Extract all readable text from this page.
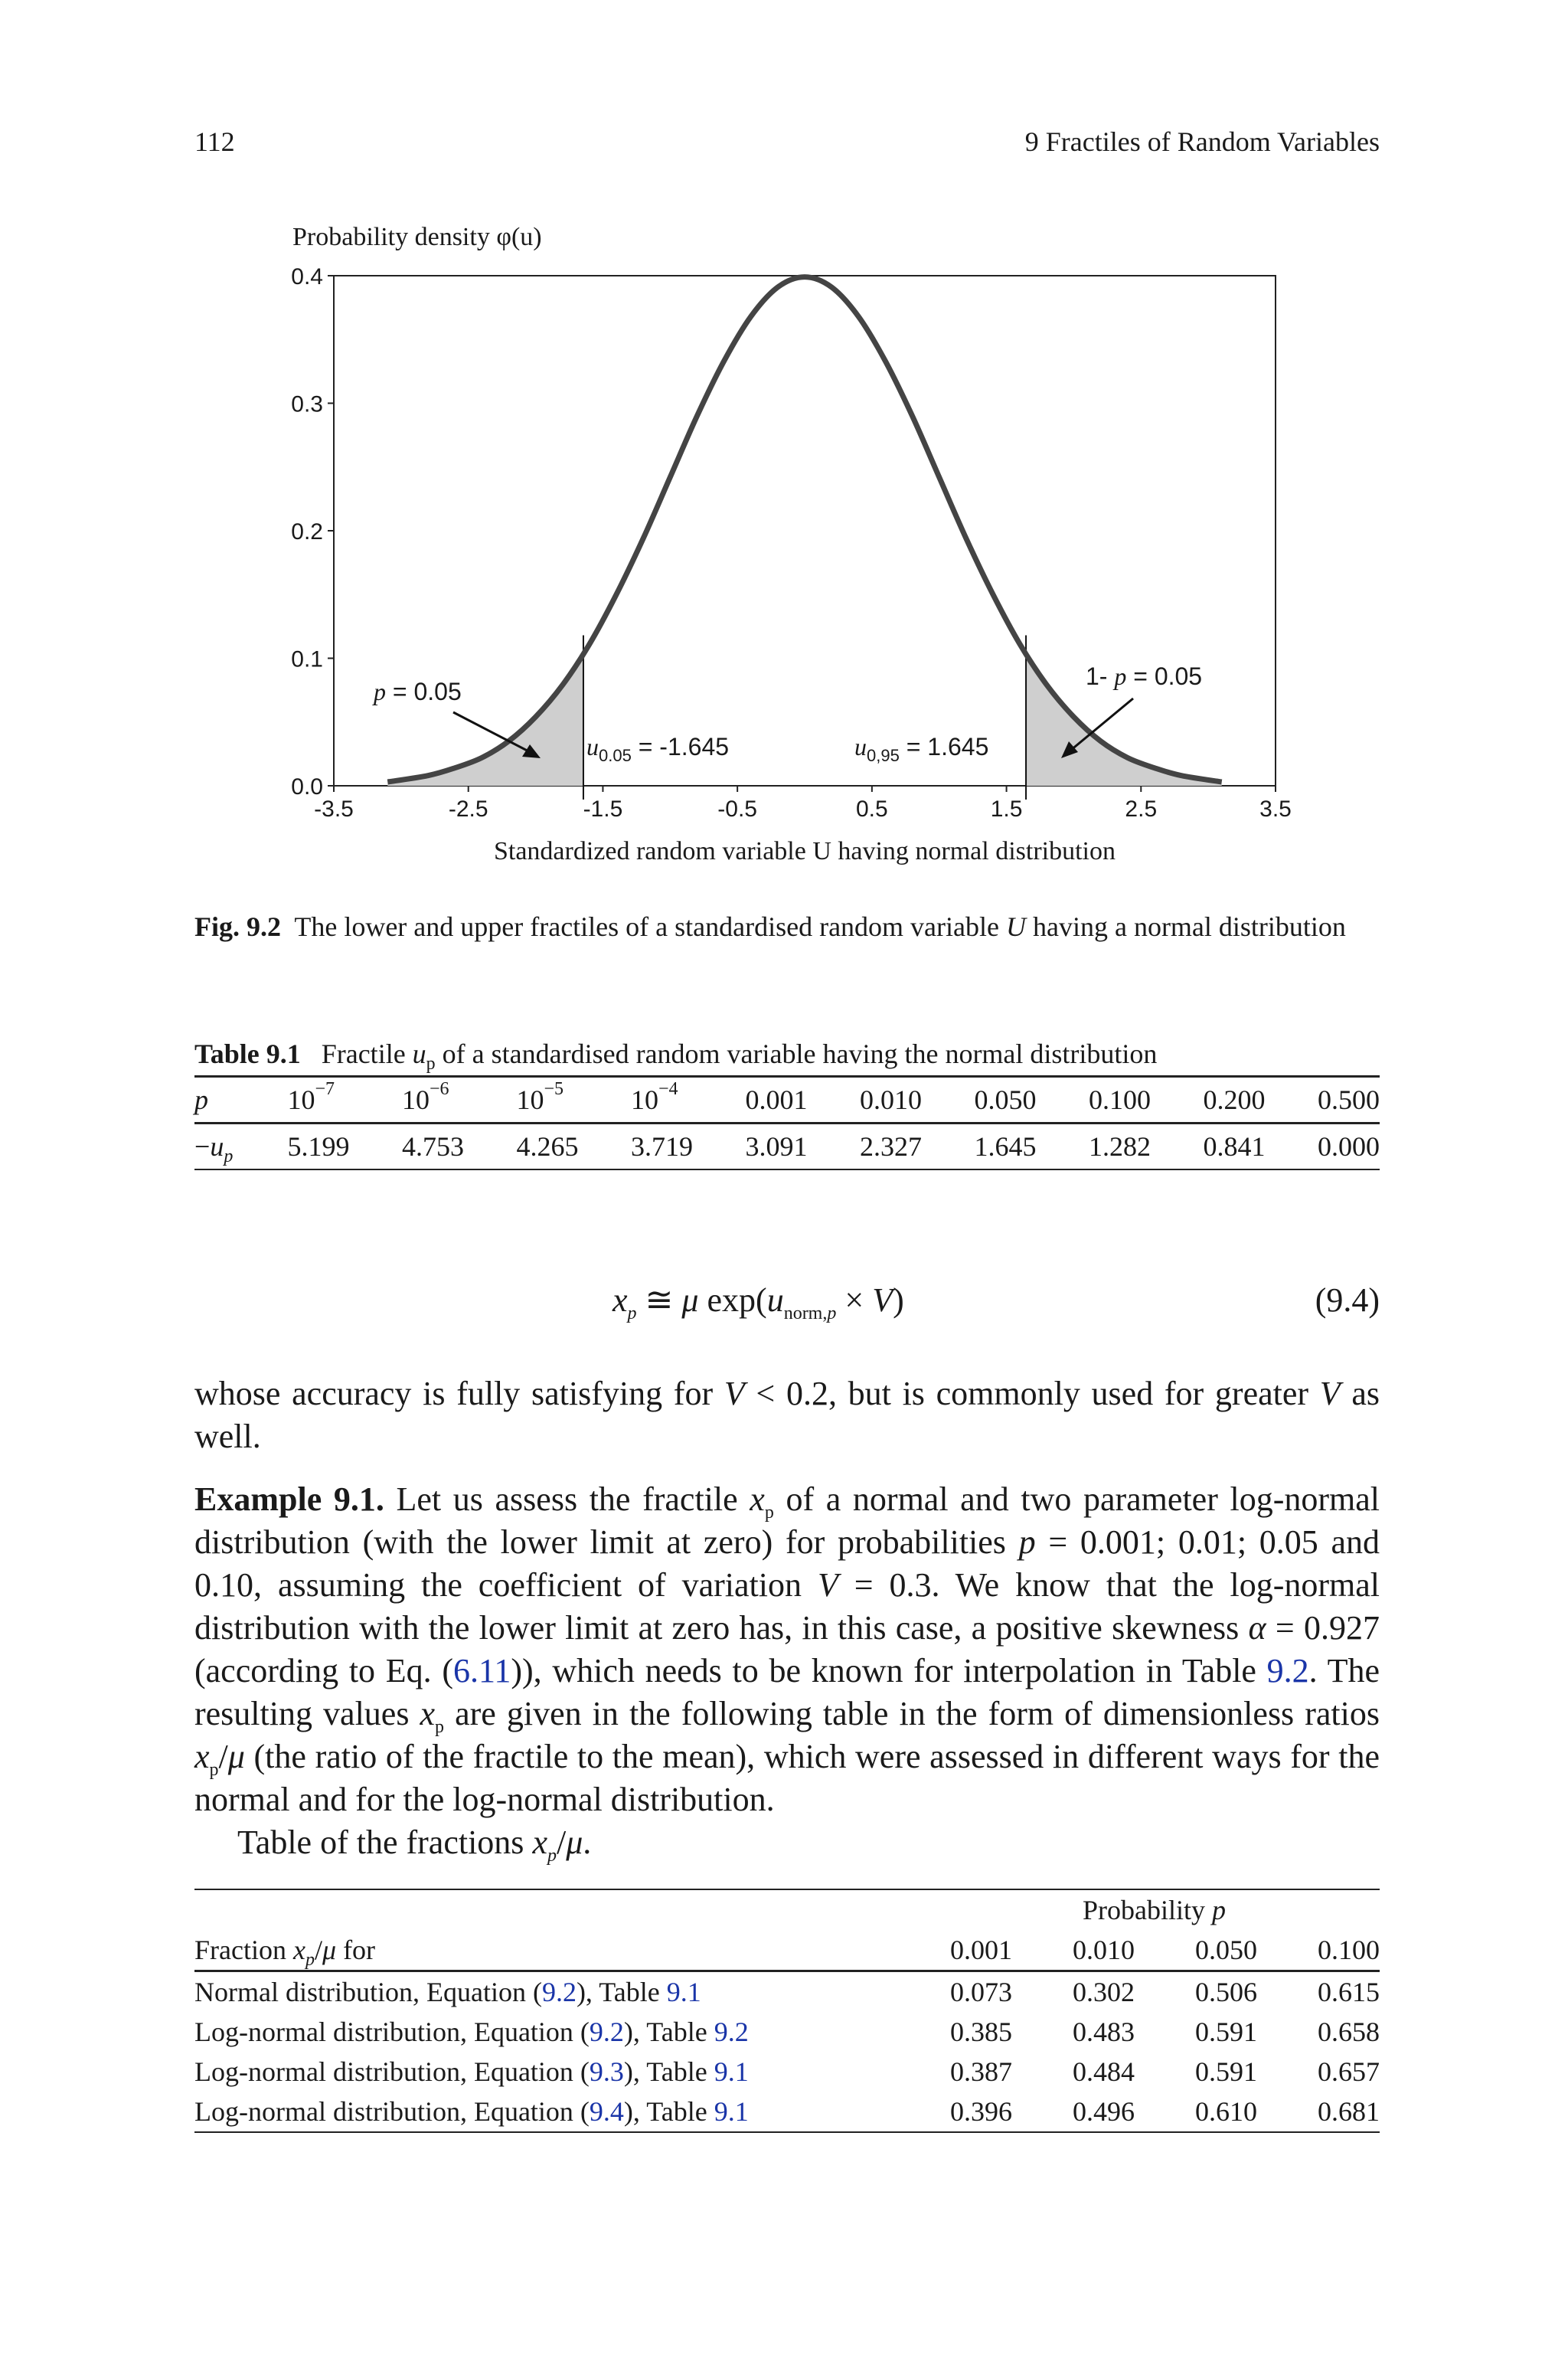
112	9 Fractiles of Random Variables
Probability density φ(u)
0.0
0.1
0.2
0.3
0.4
-3.5	-2.5	-1.5	-0.5	0.5	1.5	2.5	3.5
p = 0.05
1- p = 0.05
$u_{0.05} = -1.645$	$u_{0,95} = 1.645$
Standardized random variable U having normal distribution
Fig. 9.2 The lower and upper fractiles of a standardised random variable U having a normal distribution
Table 9.1 Fractile $u_p$ of a standardised random variable having the normal distribution
p	$10^{-7}$	$10^{-6}$	$10^{-5}$	$10^{-4}$	0.001	0.010	0.050	0.100	0.200	0.500
$-u_p$	5.199	4.753	4.265	3.719	3.091	2.327	1.645	1.282	0.841	0.000
$x_p$ ≅ μ $\exp(u_{norm,p} \times V)$	(9.4)
whose accuracy is fully satisfying for V < 0.2, but is commonly used for greater V as well.
Example 9.1. Let us assess the fractile $x_p$ of a normal and two parameter log-normal distribution (with the lower limit at zero) for probabilities p = 0.001; 0.01; 0.05 and 0.10, assuming the coefficient of variation V = 0.3. We know that the log-normal distribution with the lower limit at zero has, in this case, a positive skewness α = 0.927 (according to Eq. (6.11)), which needs to be known for interpolation in Table 9.2. The resulting values $x_p$ are given in the following table in the form of dimensionless ratios $x_p/\mu$ (the ratio of the fractile to the mean), which were assessed in different ways for the normal and for the log-normal distribution.
Table of the fractions $x_p/\mu$.
	Probability p			
Fraction $x_p/\mu$ for	0.001	0.010	0.050	0.100
Normal distribution, Equation (9.2), Table 9.1	0.073	0.302	0.506	0.615
Log-normal distribution, Equation (9.2), Table 9.2	0.385	0.483	0.591	0.658
Log-normal distribution, Equation (9.3), Table 9.1	0.387	0.484	0.591	0.657
Log-normal distribution, Equation (9.4), Table 9.1	0.396	0.496	0.610	0.681
